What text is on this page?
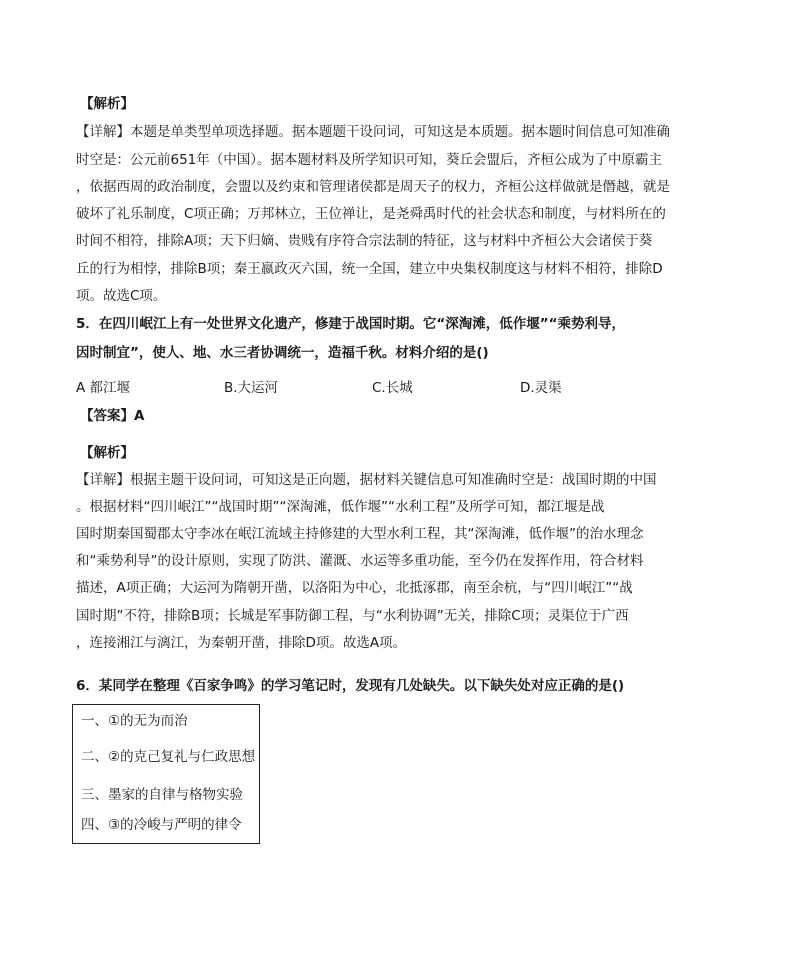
【解析】
【详解】本题是单类型单项选择题。据本题题干设问词，可知这是本质题。据本题时间信息可知准确
时空是：公元前651年（中国）。据本题材料及所学知识可知，葵丘会盟后，齐桓公成为了中原霸主
，依据西周的政治制度，会盟以及约束和管理诸侯都是周天子的权力，齐桓公这样做就是僭越，就是
破坏了礼乐制度，C项正确；万邦林立，王位禅让，是尧舜禹时代的社会状态和制度，与材料所在的
时间不相符，排除A项；天下归嫡、贵贱有序符合宗法制的特征，这与材料中齐桓公大会诸侯于葵
丘的行为相悖，排除B项；秦王嬴政灭六国，统一全国，建立中央集权制度这与材料不相符，排除D
项。故选C项。
5．在四川岷江上有一处世界文化遗产，修建于战国时期。它“深淘滩，低作堰”“乘势利导，
因时制宜”，使人、地、水三者协调统一，造福千秋。材料介绍的是()
A 都江堰	B.大运河	C.长城	D.灵渠
【答案】A
【解析】
【详解】根据主题干设问词，可知这是正向题，据材料关键信息可知准确时空是：战国时期的中国
。根据材料“四川岷江”“战国时期”“深淘滩，低作堰”“水利工程”及所学可知，都江堰是战
国时期秦国蜀郡太守李冰在岷江流域主持修建的大型水利工程，其“深淘滩，低作堰”的治水理念
和“乘势利导”的设计原则，实现了防洪、灌溉、水运等多重功能，至今仍在发挥作用，符合材料
描述，A项正确；大运河为隋朝开凿，以洛阳为中心，北抵涿郡，南至余杭，与“四川岷江”“战
国时期”不符，排除B项；长城是军事防御工程，与“水利协调”无关，排除C项；灵渠位于广西
，连接湘江与漓江，为秦朝开凿，排除D项。故选A项。
6．某同学在整理《百家争鸣》的学习笔记时，发现有几处缺失。以下缺失处对应正确的是()
一、①的无为而治
二、②的克己复礼与仁政思想
三、墨家的自律与格物实验
四、③的冷峻与严明的律令
